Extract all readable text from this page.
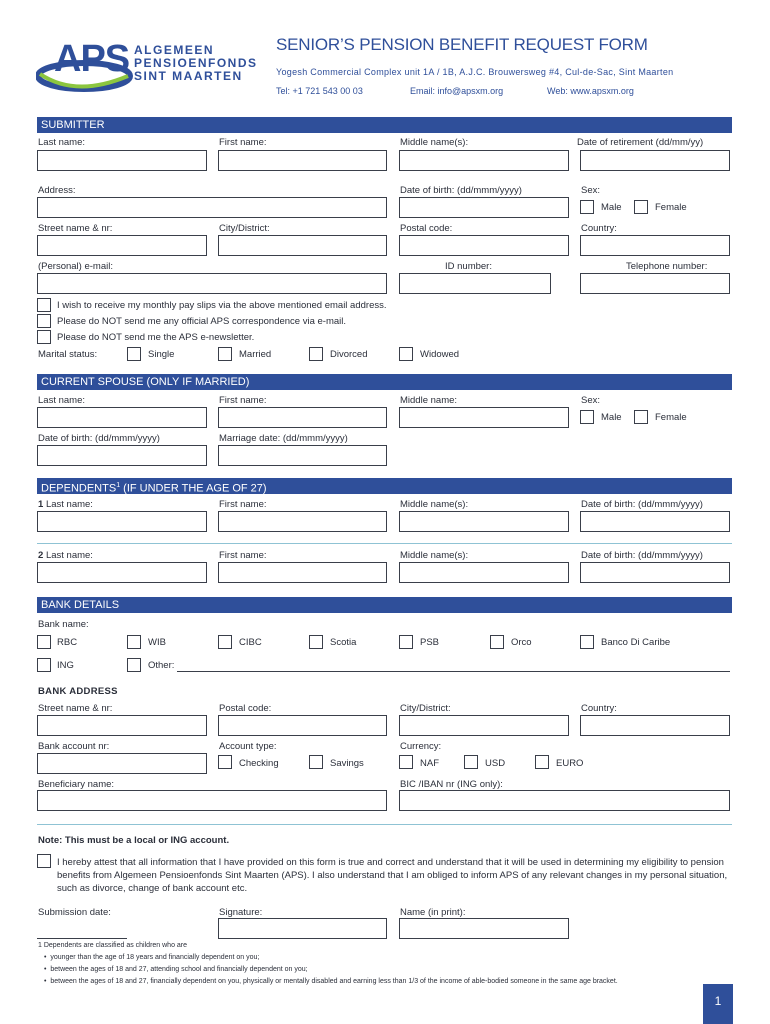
APS ALGEMEEN
PENSIOENFONDS
SINT MAARTEN
SENIOR’S PENSION BENEFIT REQUEST FORM
Yogesh Commercial Complex unit 1A / 1B, A.J.C. Brouwersweg #4, Cul-de-Sac, Sint Maarten
Tel: +1 721 543 00 03	Email: info@apsxm.org	Web: www.apsxm.org
SUBMITTER
Last name:	First name:	Middle name(s):	Date of retirement (dd/mm/yy)
Address:	Date of birth: (dd/mmm/yyyy)	Sex:
Male	Female
Street name & nr:	City/District:	Postal code:	Country:
(Personal) e-mail:	ID number:	Telephone number:
I wish to receive my monthly pay slips via the above mentioned email address.
Please do NOT send me any official APS correspondence via e-mail.
Please do NOT send me the APS e-newsletter.
Marital status:	Single	Married	Divorced	Widowed
CURRENT SPOUSE (ONLY IF MARRIED)
Last name:	First name:	Middle name:	Sex:
Male	Female
Date of birth: (dd/mmm/yyyy)	Marriage date: (dd/mmm/yyyy)
DEPENDENTS$^1$ (IF UNDER THE AGE OF 27)
1 Last name:	First name:	Middle name(s):	Date of birth: (dd/mmm/yyyy)
2 Last name:	First name:	Middle name(s):	Date of birth: (dd/mmm/yyyy)
BANK DETAILS
Bank name:
RBC	WIB	CIBC	Scotia	PSB	Orco	Banco Di Caribe
ING	Other:
BANK ADDRESS
Street name & nr:	Postal code:	City/District:	Country:
Bank account nr:	Account type:	Currency:
Checking	Savings	NAF	USD	EURO
Beneficiary name:	BIC /IBAN nr (ING only):
Note: This must be a local or ING account.
I hereby attest that all information that I have provided on this form is true and correct and understand that it will be used in determining my eligibility to pension benefits from Algemeen Pensioenfonds Sint Maarten (APS). I also understand that I am obliged to inform APS of any relevant changes in my personal situation, such as divorce, change of bank account etc.
Submission date:	Signature:	Name (in print):
1 Dependents are classified as children who are
•  younger than the age of 18 years and financially dependent on you;
•  between the ages of 18 and 27, attending school and financially dependent on you;
•  between the ages of 18 and 27, financially dependent on you, physically or mentally disabled and earning less than 1/3 of the income of able-bodied someone in the same age bracket.
1
